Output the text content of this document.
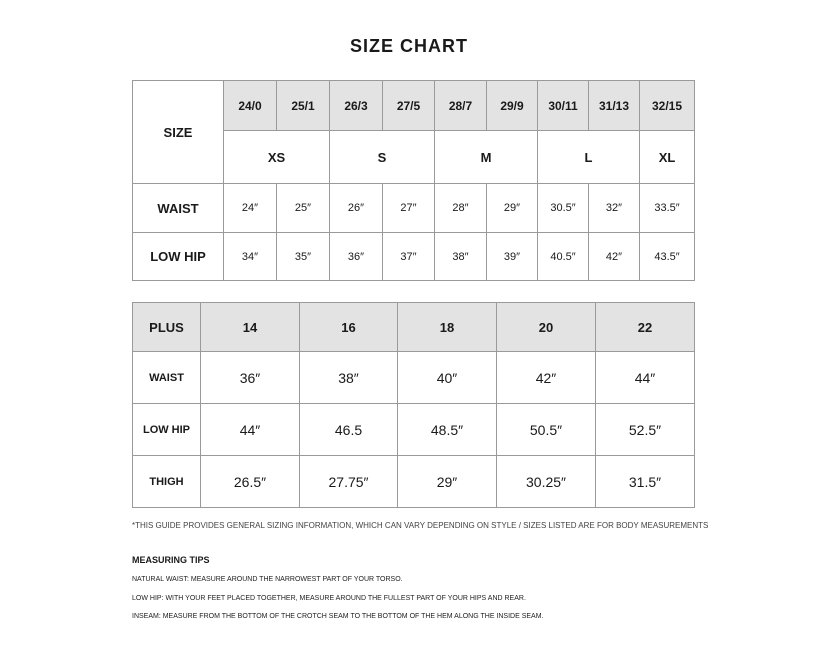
SIZE CHART
SIZE	24/0	25/1	26/3	27/5	28/7	29/9	30/11	31/13	32/15
	XS		S		M		L		XL
WAIST	24″	25″	26″	27″	28″	29″	30.5″	32″	33.5″
LOW HIP	34″	35″	36″	37″	38″	39″	40.5″	42″	43.5″
PLUS	14	16	18	20	22
WAIST	36″	38″	40″	42″	44″
LOW HIP	44″	46.5	48.5″	50.5″	52.5″
THIGH	26.5″	27.75″	29″	30.25″	31.5″
*THIS GUIDE PROVIDES GENERAL SIZING INFORMATION, WHICH CAN VARY DEPENDING ON STYLE / SIZES LISTED ARE FOR BODY MEASUREMENTS
MEASURING TIPS
NATURAL WAIST: MEASURE AROUND THE NARROWEST PART OF YOUR TORSO.
LOW HIP: WITH YOUR FEET PLACED TOGETHER, MEASURE AROUND THE FULLEST PART OF YOUR HIPS AND REAR.
INSEAM: MEASURE FROM THE BOTTOM OF THE CROTCH SEAM TO THE BOTTOM OF THE HEM ALONG THE INSIDE SEAM.
